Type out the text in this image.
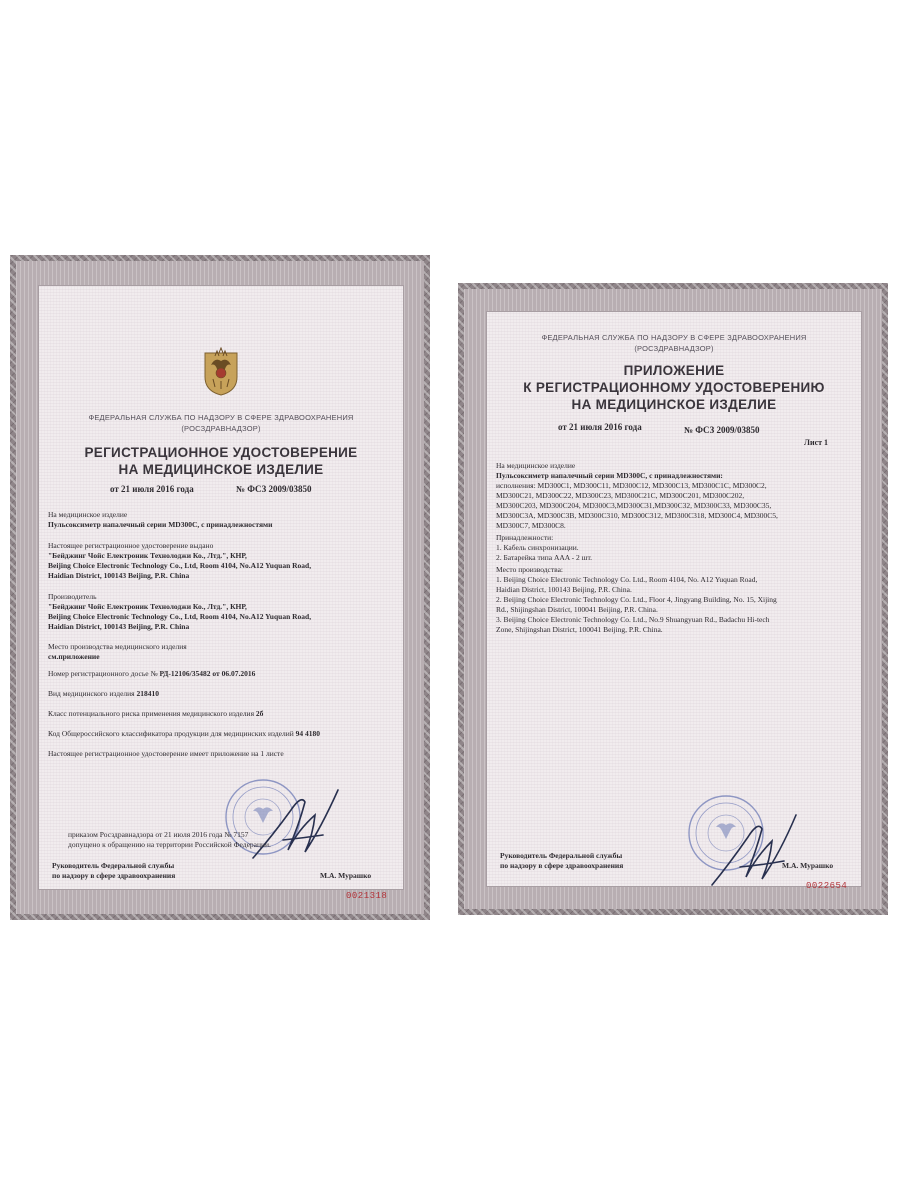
ФЕДЕРАЛЬНАЯ СЛУЖБА ПО НАДЗОРУ В СФЕРЕ ЗДРАВООХРАНЕНИЯ

(РОСЗДРАВНАДЗОР)

РЕГИСТРАЦИОННОЕ УДОСТОВЕРЕНИЕ

НА МЕДИЦИНСКОЕ ИЗДЕЛИЕ

от 21 июля 2016 года	№ ФСЗ 2009/03850

На медицинское изделие

Пульсоксиметр напалечный серии MD300C, с принадлежностями

Настоящее регистрационное удостоверение выдано

"Бейджинг Чойс Електроник Технолоджи Ко., Лтд.", КНР,

Beijing Choice Electronic Technology Co., Ltd, Room 4104, No.A12 Yuquan Road,

Haidian District, 100143 Beijing, P.R. China

Производитель

"Бейджинг Чойс Електроник Технолоджи Ко., Лтд.", КНР,

Beijing Choice Electronic Technology Co., Ltd, Room 4104, No.A12 Yuquan Road,

Haidian District, 100143 Beijing, P.R. China

Место производства медицинского изделия

см.приложение

Номер регистрационного досье № РД-12106/35482 от 06.07.2016

Вид медицинского изделия 218410

Класс потенциального риска применения медицинского изделия 2б

Код Общероссийского классификатора продукции для медицинских изделий 94 4180

Настоящее регистрационное удостоверение имеет приложение на 1 листе

приказом Росздравнадзора от 21 июля 2016 года № 7157

допущено к обращению на территории Российской Федерации.

Руководитель Федеральной службы

по надзору в сфере здравоохранения	М.А. Мурашко

0021318

ФЕДЕРАЛЬНАЯ СЛУЖБА ПО НАДЗОРУ В СФЕРЕ ЗДРАВООХРАНЕНИЯ

(РОСЗДРАВНАДЗОР)

ПРИЛОЖЕНИЕ

К РЕГИСТРАЦИОННОМУ УДОСТОВЕРЕНИЮ

НА МЕДИЦИНСКОЕ ИЗДЕЛИЕ

от 21 июля 2016 года	№ ФСЗ 2009/03850

Лист 1

На медицинское изделие

Пульсоксиметр напалечный серии MD300C, с принадлежностями:

исполнения: MD300C1, MD300C11, MD300C12, MD300C13, MD300C1C, MD300C2,

MD300C21, MD300C22, MD300C23, MD300C21C, MD300C201, MD300C202,

MD300C203, MD300C204, MD300C3,MD300C31,MD300C32, MD300C33, MD300C35,

MD300C3A, MD300C3B, MD300C310, MD300C312, MD300C318, MD300C4, MD300C5,

MD300C7, MD300C8.

Принадлежности:

1. Кабель синхронизации.

2. Батарейка типа AAA - 2 шт.

Место производства:

1. Beijing Choice Electronic Technology Co. Ltd., Room 4104, No. A12 Yuquan Road,

Haidian District, 100143 Beijing, P.R. China.

2. Beijing Choice Electronic Technology Co. Ltd., Floor 4, Jingyang Building, No. 15, Xijing

Rd., Shijingshan District, 100041 Beijing, P.R. China.

3. Beijing Choice Electronic Technology Co. Ltd., No.9 Shuangyuan Rd., Badachu Hi-tech

Zone, Shijingshan District, 100041 Beijing, P.R. China.

Руководитель Федеральной службы

по надзору в сфере здравоохранения	М.А. Мурашко

0022654
